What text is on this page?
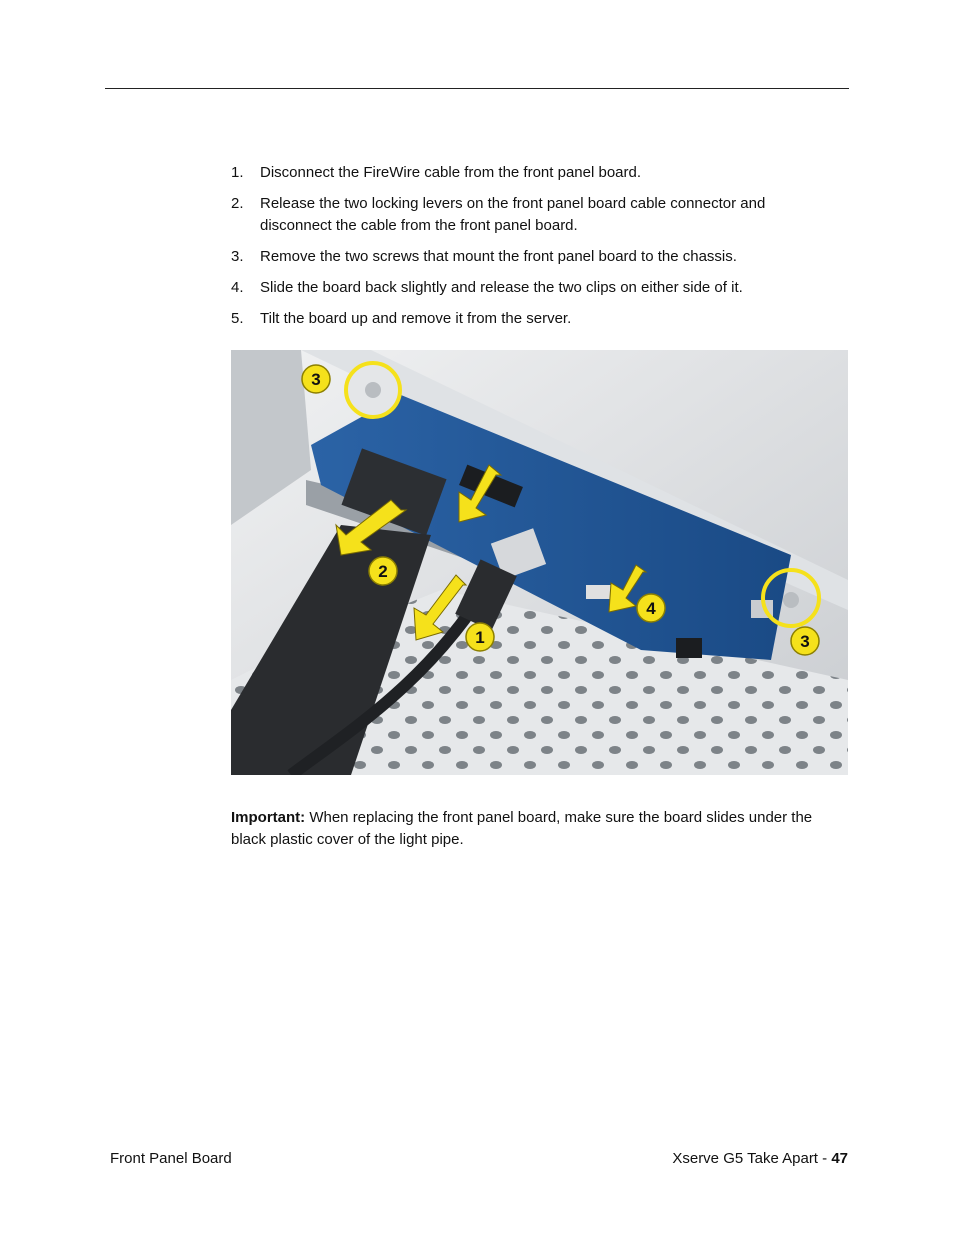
1. Disconnect the FireWire cable from the front panel board.
2. Release the two locking levers on the front panel board cable connector and disconnect the cable from the front panel board.
3. Remove the two screws that mount the front panel board to the chassis.
4. Slide the board back slightly and release the two clips on either side of it.
5. Tilt the board up and remove it from the server.
3
2
1
4
3

Important: When replacing the front panel board, make sure the board slides under the black plastic cover of the light pipe.

Front Panel Board	Xserve G5 Take Apart - 47
